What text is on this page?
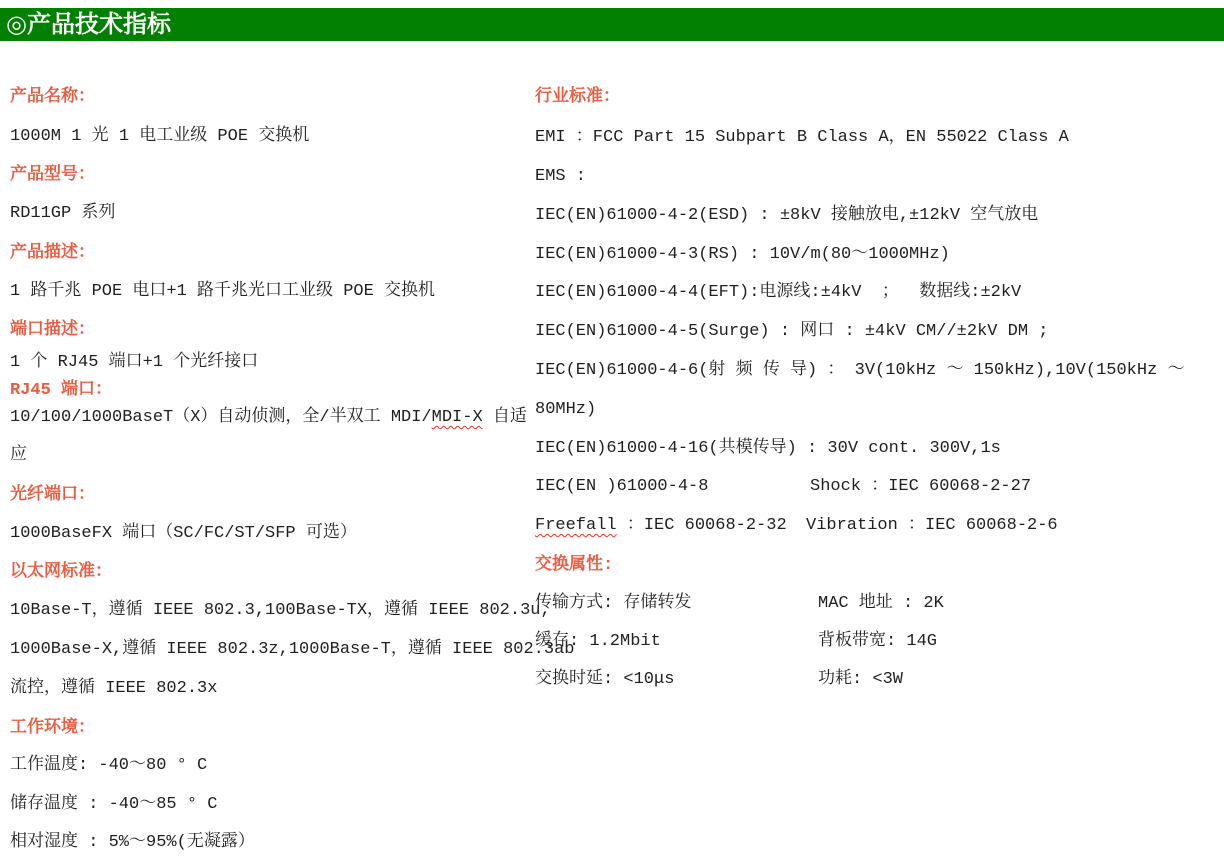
◎产品技术指标
产品名称：
1000M 1 光 1 电工业级 POE 交换机
产品型号：
RD11GP 系列
产品描述：
1 路千兆 POE 电口+1 路千兆光口工业级 POE 交换机
端口描述：
1 个 RJ45 端口+1 个光纤接口
RJ45 端口：
10/100/1000BaseT（X）自动侦测，全/半双工 MDI/MDI-X 自适
应
光纤端口：
1000BaseFX 端口（SC/FC/ST/SFP 可选）
以太网标准：
10Base-T，遵循 IEEE 802.3,100Base-TX，遵循 IEEE 802.3u,
1000Base-X,遵循 IEEE 802.3z,1000Base-T，遵循 IEEE 802.3ab
流控，遵循 IEEE 802.3x
工作环境：
工作温度: -40～80 ° C
储存温度 : -40～85 ° C
相对湿度 : 5%～95%(无凝露）
行业标准：
EMI ：FCC Part 15 Subpart B Class A，EN 55022 Class A
EMS :
IEC(EN)61000-4-2(ESD) : ±8kV 接触放电,±12kV 空气放电
IEC(EN)61000-4-3(RS) : 10V/m(80～1000MHz)
IEC(EN)61000-4-4(EFT):电源线:±4kV  ；  数据线:±2kV
IEC(EN)61000-4-5(Surge) : 网口 : ±4kV CM//±2kV DM ;
IEC(EN)61000-4-6(射 频 传 导) ： 3V(10kHz ～ 150kHz),10V(150kHz ～
80MHz)
IEC(EN)61000-4-16(共模传导) : 30V cont. 300V,1s
IEC(EN )61000-4-8	Shock ：IEC 60068-2-27
Freefall ：IEC 60068-2-32 Vibration ：IEC 60068-2-6
交换属性:
传输方式: 存储转发	MAC 地址 : 2K
缓存: 1.2Mbit	背板带宽: 14G
交换时延: <10μs	功耗: <3W
